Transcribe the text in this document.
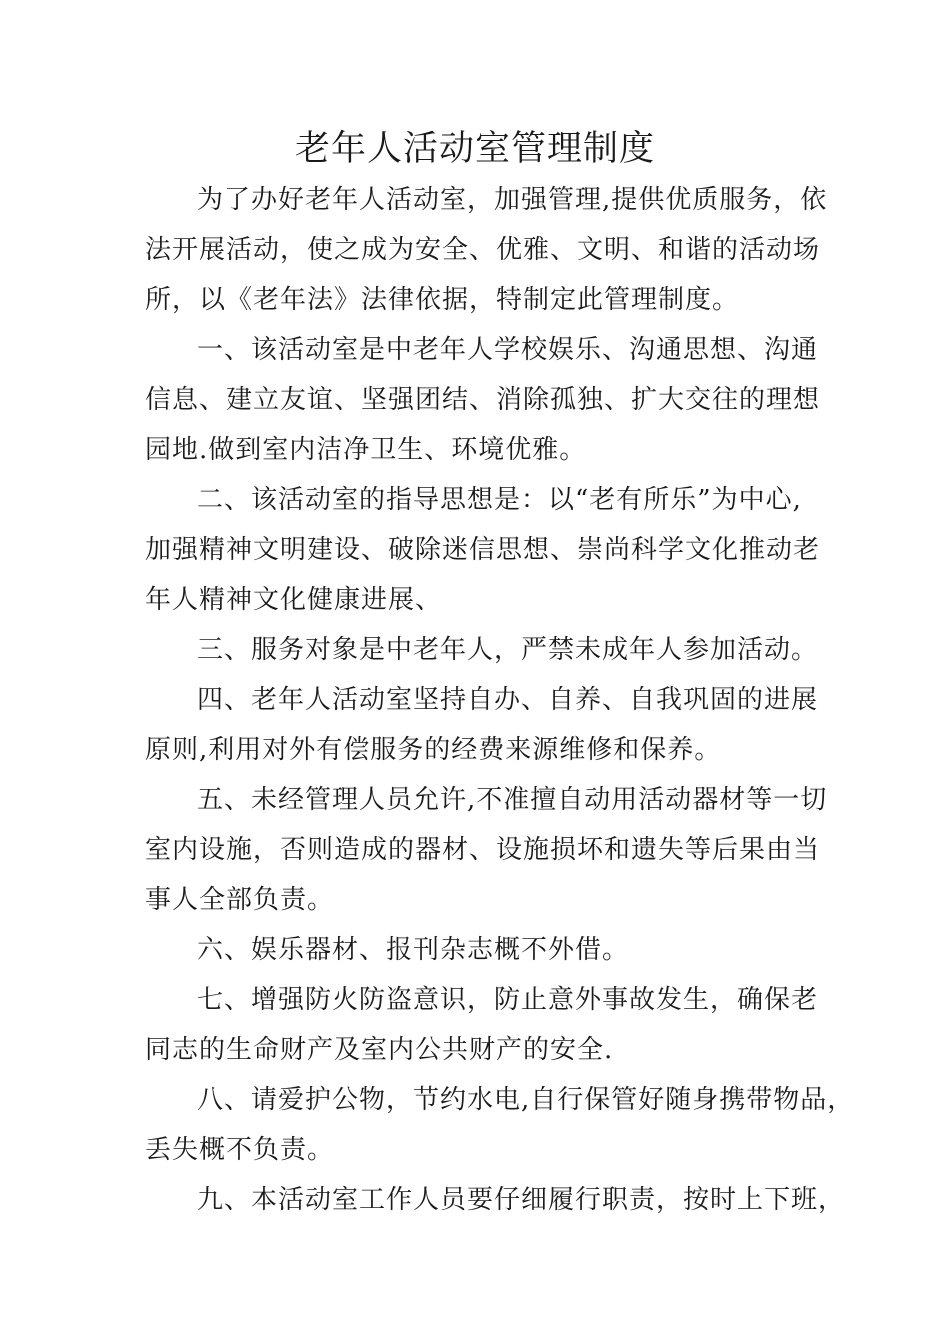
老年人活动室管理制度
为了办好老年人活动室，加强管理,提供优质服务，依
法开展活动，使之成为安全、优雅、文明、和谐的活动场
所，以《老年法》法律依据，特制定此管理制度。
一、该活动室是中老年人学校娱乐、沟通思想、沟通
信息、建立友谊、坚强团结、消除孤独、扩大交往的理想
园地.做到室内洁净卫生、环境优雅。
二、该活动室的指导思想是：以“老有所乐”为中心,
加强精神文明建设、破除迷信思想、崇尚科学文化推动老
年人精神文化健康进展、
三、服务对象是中老年人，严禁未成年人参加活动。
四、老年人活动室坚持自办、自养、自我巩固的进展
原则,利用对外有偿服务的经费来源维修和保养。
五、未经管理人员允许,不准擅自动用活动器材等一切
室内设施，否则造成的器材、设施损坏和遗失等后果由当
事人全部负责。
六、娱乐器材、报刊杂志概不外借。
七、增强防火防盗意识，防止意外事故发生，确保老
同志的生命财产及室内公共财产的安全.
八、请爱护公物，节约水电,自行保管好随身携带物品，
丢失概不负责。
九、本活动室工作人员要仔细履行职责，按时上下班，
